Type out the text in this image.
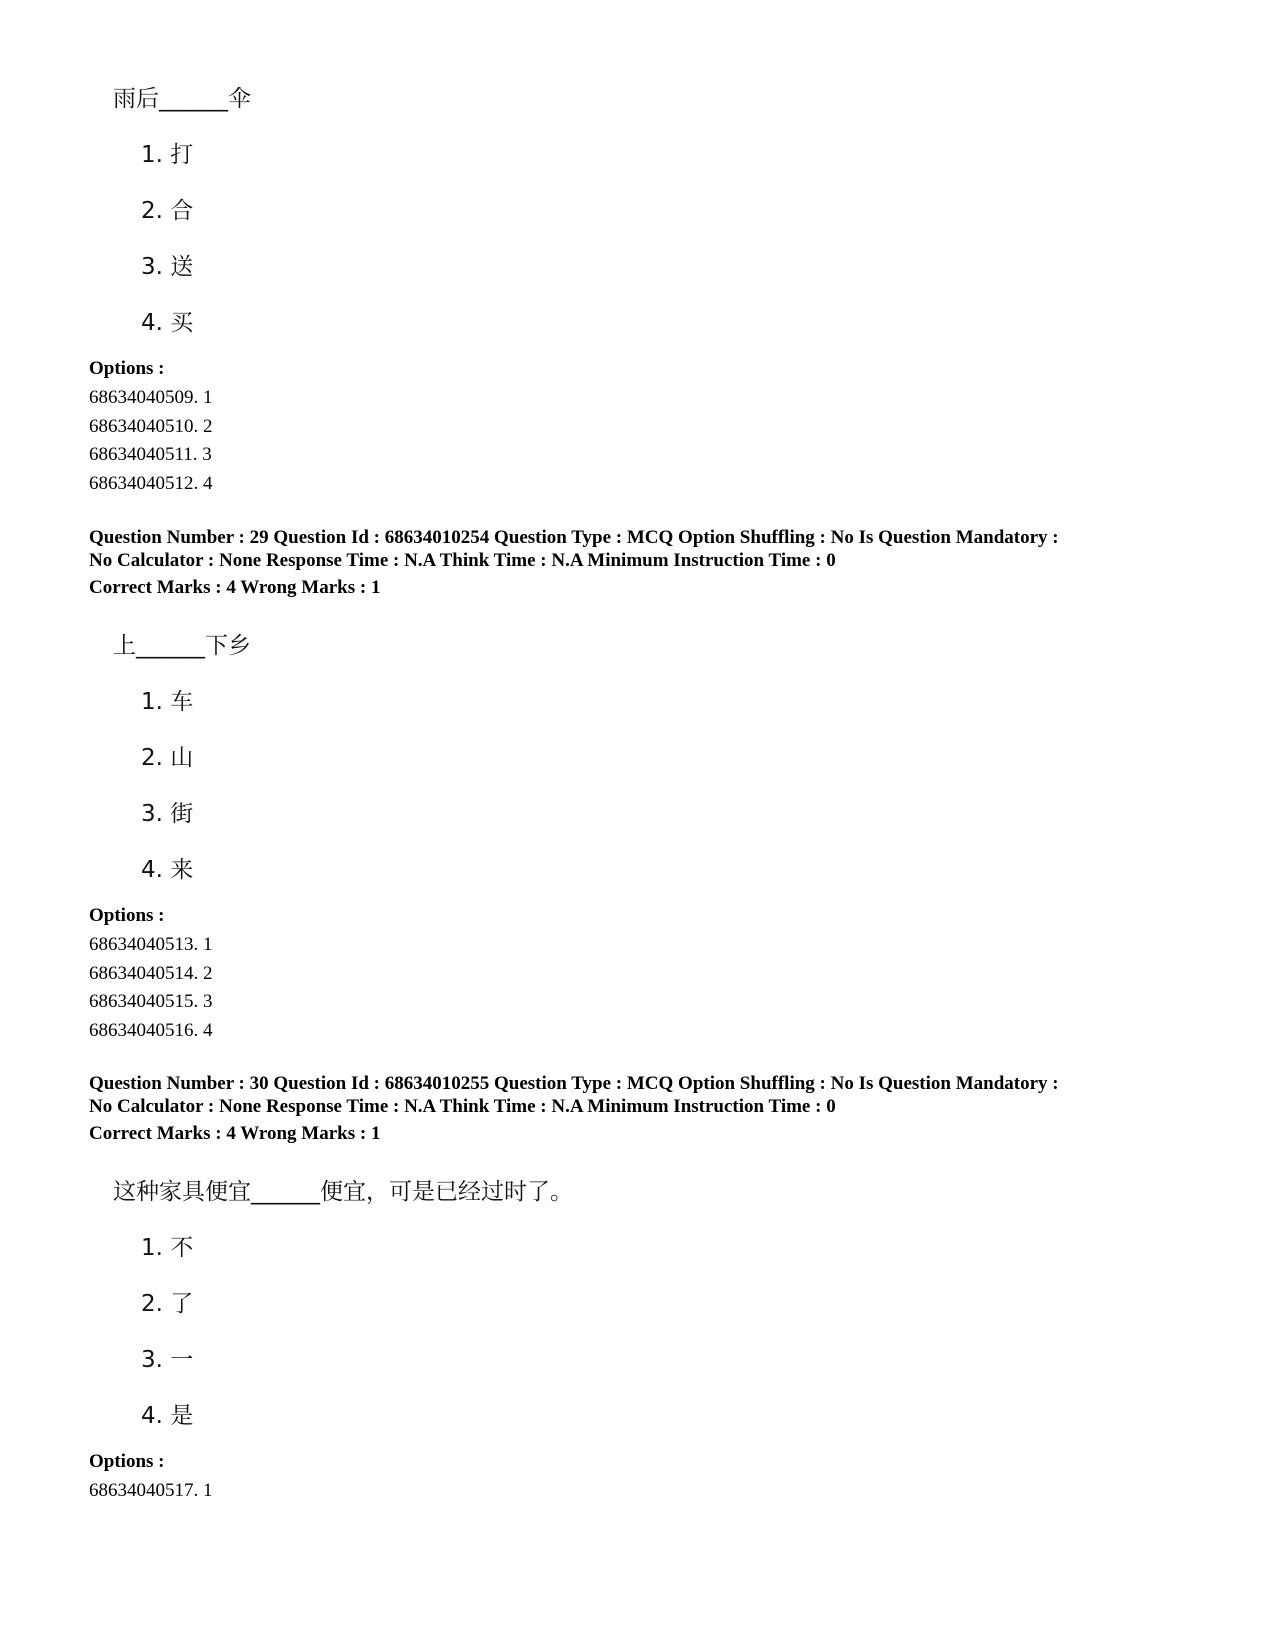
雨后______伞
1. 打
2. 合
3. 送
4. 买
Options :
68634040509. 1
68634040510. 2
68634040511. 3
68634040512. 4
Question Number : 29 Question Id : 68634010254 Question Type : MCQ Option Shuffling : No Is Question Mandatory :
No Calculator : None Response Time : N.A Think Time : N.A Minimum Instruction Time : 0
Correct Marks : 4 Wrong Marks : 1
上______下乡
1. 车
2. 山
3. 街
4. 来
Options :
68634040513. 1
68634040514. 2
68634040515. 3
68634040516. 4
Question Number : 30 Question Id : 68634010255 Question Type : MCQ Option Shuffling : No Is Question Mandatory :
No Calculator : None Response Time : N.A Think Time : N.A Minimum Instruction Time : 0
Correct Marks : 4 Wrong Marks : 1
这种家具便宜______便宜，可是已经过时了。
1. 不
2. 了
3. 一
4. 是
Options :
68634040517. 1
